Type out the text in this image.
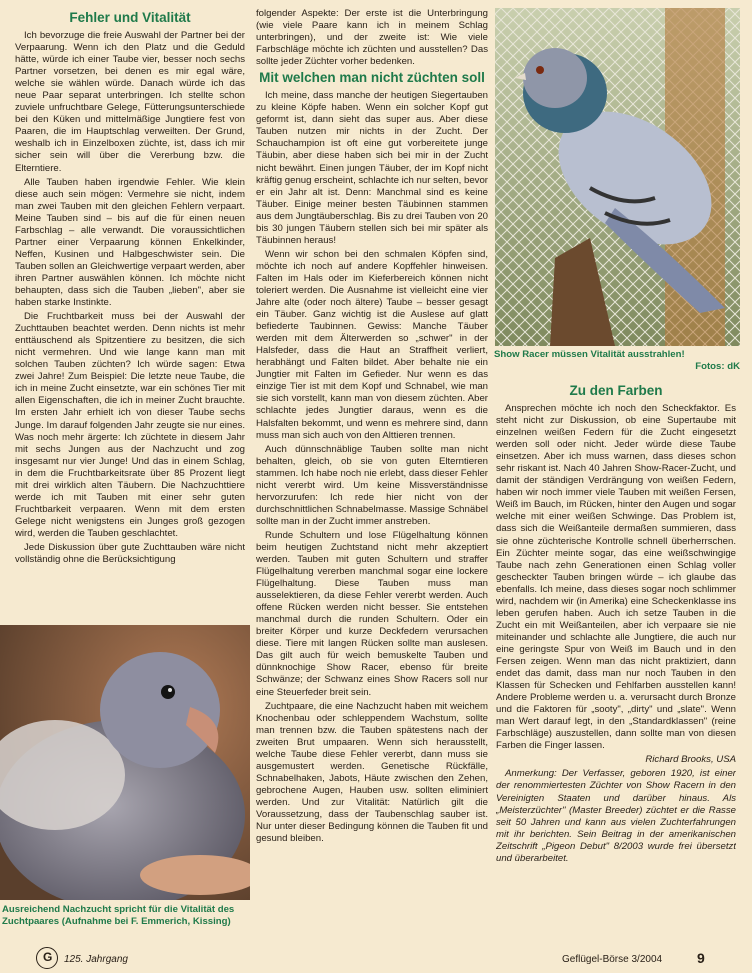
Fehler und Vitalität

Ich bevorzuge die freie Auswahl der Partner bei der Verpaarung. Wenn ich den Platz und die Geduld hätte, würde ich einer Taube vier, besser noch sechs Partner vorsetzen, bei denen es mir egal wäre, welche sie wählen würde. Danach würde ich das neue Paar separat unterbringen. Ich stellte schon zuviele unfruchtbare Gelege, Fütterungsunterschiede bei den Küken und mittelmäßige Jungtiere fest von Paaren, die im Hauptschlag verweilten. Der Grund, weshalb ich in Einzelboxen züchte, ist, dass ich mir sicher sein will über die Vererbung bzw. die Elterntiere.

Alle Tauben haben irgendwie Fehler. Wie klein diese auch sein mögen: Vermehre sie nicht, indem man zwei Tauben mit den gleichen Fehlern verpaart. Meine Tauben sind – bis auf die für einen neuen Farbschlag – alle verwandt. Die voraussichtlichen Partner einer Verpaarung können Enkelkinder, Neffen, Kusinen und Halbgeschwister sein. Die Tauben sollen an Gleichwertige verpaart werden, aber ihren Partner auswählen können. Ich möchte nicht behaupten, dass sich die Tauben „lieben", aber sie haben starke Instinkte.

Die Fruchtbarkeit muss bei der Auswahl der Zuchttauben beachtet werden. Denn nichts ist mehr enttäuschend als Spitzentiere zu besitzen, die sich nicht vermehren. Und wie lange kann man mit solchen Tauben züchten? Ich würde sagen: Etwa zwei Jahre! Zum Beispiel: Die letzte neue Taube, die ich in meine Zucht einsetzte, war ein schönes Tier mit allen Eigenschaften, die ich in meiner Zucht brauchte. Im ersten Jahr erhielt ich von dieser Taube sechs Junge. Im darauf folgenden Jahr zeugte sie nur eines. Was noch mehr ärgerte: Ich züchtete in diesem Jahr mit sechs Jungen aus der Nachzucht und zog insgesamt nur vier Junge! Und das in einem Schlag, in dem die Fruchtbarkeitsrate über 85 Prozent liegt mit drei wirklich alten Täubern. Die Nachzuchttiere werde ich mit Tauben mit einer sehr guten Fruchtbarkeit verpaaren. Wenn mit dem ersten Gelege nicht wenigstens ein Junges groß gezogen wird, werden die Tauben geschlachtet.

Jede Diskussion über gute Zuchttauben wäre nicht vollständig ohne die Berücksichtigung

Ausreichend Nachzucht spricht für die Vitalität des Zuchtpaares (Aufnahme bei F. Emmerich, Kissing)

folgender Aspekte: Der erste ist die Unterbringung (wie viele Paare kann ich in meinem Schlag unterbringen), und der zweite ist: Wie viele Farbschläge möchte ich züchten und ausstellen? Das sollte jeder Züchter vorher bedenken.

Mit welchen man nicht züchten soll

Ich meine, dass manche der heutigen Siegertauben zu kleine Köpfe haben. Wenn ein solcher Kopf gut geformt ist, dann sieht das super aus. Aber diese Tauben nutzen mir nichts in der Zucht. Der Schauchampion ist oft eine gut vorbereitete junge Täubin, aber diese haben sich bei mir in der Zucht nicht bewährt. Einen jungen Täuber, der im Kopf nicht kräftig genug erscheint, schlachte ich nur selten, bevor er ein Jahr alt ist. Denn: Manchmal sind es keine Täuber. Einige meiner besten Täubinnen stammen aus dem Jungtäuberschlag. Bis zu drei Tauben von 20 bis 30 jungen Täubern stellen sich bei mir später als Täubinnen heraus!

Wenn wir schon bei den schmalen Köpfen sind, möchte ich noch auf andere Kopffehler hinweisen. Falten im Hals oder im Kieferbereich können nicht toleriert werden. Die Ausnahme ist vielleicht eine vier Jahre alte (oder noch ältere) Taube – besser gesagt ein Täuber. Ganz wichtig ist die Auslese auf glatt befiederte Taubinnen. Gewiss: Manche Täuber werden mit dem Älterwerden so „schwer" in der Halsfeder, dass die Haut an Straffheit verliert, herabhängt und Falten bildet. Aber behalte nie ein Jungtier mit Falten im Gefieder. Nur wenn es das einzige Tier ist mit dem Kopf und Schnabel, wie man sie sich vorstellt, kann man von diesem züchten. Aber schlachte jedes Jungtier daraus, wenn es die Halsfalten bekommt, und wenn es mehrere sind, dann muss man sich auch von den Alttieren trennen.

Auch dünnschnäblige Tauben sollte man nicht behalten, gleich, ob sie von guten Elterntieren stammen. Ich habe noch nie erlebt, dass dieser Fehler nicht vererbt wird. Um keine Missverständnisse hervorzurufen: Ich rede hier nicht von der durchschnittlichen Schnabelmasse. Massige Schnäbel sollte man in der Zucht immer anstreben.

Runde Schultern und lose Flügelhaltung können beim heutigen Zuchtstand nicht mehr akzeptiert werden. Tauben mit guten Schultern und straffer Flügelhaltung vererben manchmal sogar eine lockere Flügelhaltung. Diese Tauben muss man ausselektieren, da diese Fehler vererbt werden. Auch offene Rücken werden nicht besser. Sie entstehen manchmal durch die runden Schultern. Oder ein breiter Körper und kurze Deckfedern verursachen diese. Tiere mit langen Rücken sollte man auslesen. Das gilt auch für weich bemuskelte Tauben und dünnknochige Show Racer, ebenso für breite Schwänze; der Schwanz eines Show Racers soll nur eine Steuerfeder breit sein.

Zuchtpaare, die eine Nachzucht haben mit weichem Knochenbau oder schleppendem Wachstum, sollte man trennen bzw. die Tauben spätestens nach der zweiten Brut umpaaren. Wenn sich herausstellt, welche Taube diese Fehler vererbt, dann muss sie ausgemustert werden. Genetische Rückfälle, Schnabelhaken, Jabots, Häute zwischen den Zehen, gebrochene Augen, Hauben usw. sollten eliminiert werden. Und zur Vitalität: Natürlich gilt die Voraussetzung, dass der Taubenschlag sauber ist. Nur unter dieser Bedingung können die Tauben fit und gesund bleiben.

Show Racer müssen Vitalität ausstrahlen!
Fotos: dK
Zu den Farben

Ansprechen möchte ich noch den Scheckfaktor. Es steht nicht zur Diskussion, ob eine Supertaube mit einzelnen weißen Federn für die Zucht eingesetzt werden soll oder nicht. Jeder würde diese Taube einsetzen. Aber ich muss warnen, dass dieses schon sehr riskant ist. Nach 40 Jahren Show-Racer-Zucht, und damit der ständigen Verdrängung von weißen Federn, haben wir noch immer viele Tauben mit weißen Fersen, Weiß im Bauch, im Rücken, hinter den Augen und sogar welche mit einer weißen Schwinge. Das Problem ist, dass sich die Weißanteile dermaßen summieren, dass sie ohne züchterische Kontrolle schnell überherrschen. Ein Züchter meinte sogar, das eine weißschwingige Taube nach zehn Generationen einen Schlag voller gescheckter Tauben bringen würde – ich glaube das ebenfalls. Ich meine, dass dieses sogar noch schlimmer wird, nachdem wir (in Amerika) eine Scheckenklasse ins leben gerufen haben. Auch ich setze Tauben in die Zucht ein mit Weißanteilen, aber ich verpaare sie nie miteinander und schlachte alle Jungtiere, die auch nur eine geringste Spur von Weiß im Bauch und in den Fersen zeigen. Wenn man das nicht praktiziert, dann endet das damit, dass man nur noch Tauben in den Klassen für Schecken und Fehlfarben ausstellen kann! Andere Probleme werden u. a. verursacht durch Bronze und die Faktoren für „sooty", „dirty" und „slate". Wenn man Wert darauf legt, in den „Standardklassen" (reine Farbschläge) auszustellen, dann sollte man von diesen Farben die Finger lassen.

Richard Brooks, USA

Anmerkung: Der Verfasser, geboren 1920, ist einer der renommiertesten Züchter von Show Racern in den Vereinigten Staaten und darüber hinaus. Als „Meisterzüchter" (Master Breeder) züchtet er die Rasse seit 50 Jahren und kann aus vielen Zuchterfahrungen mit ihr berichten. Sein Beitrag in der amerikanischen Zeitschrift „Pigeon Debut" 8/2003 wurde frei übersetzt und überarbeitet.

G 125. Jahrgang	Geflügel-Börse 3/2004 9
